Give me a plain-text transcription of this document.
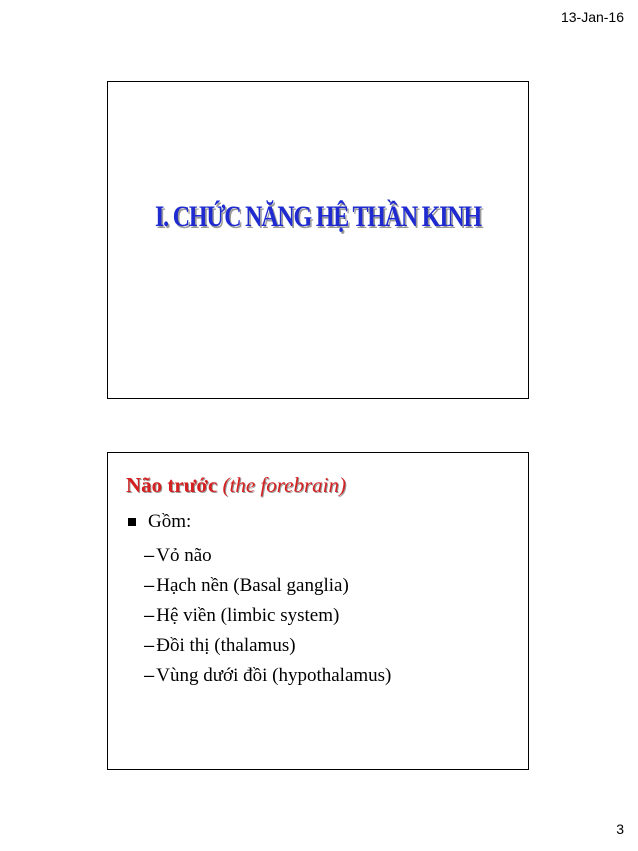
13-Jan-16
I. CHỨC NĂNG HỆ THẦN KINH
Não trước (the forebrain)
Gồm:
– Vỏ não
– Hạch nền (Basal ganglia)
– Hệ viền (limbic system)
– Đồi thị (thalamus)
– Vùng dưới đồi (hypothalamus)
3
